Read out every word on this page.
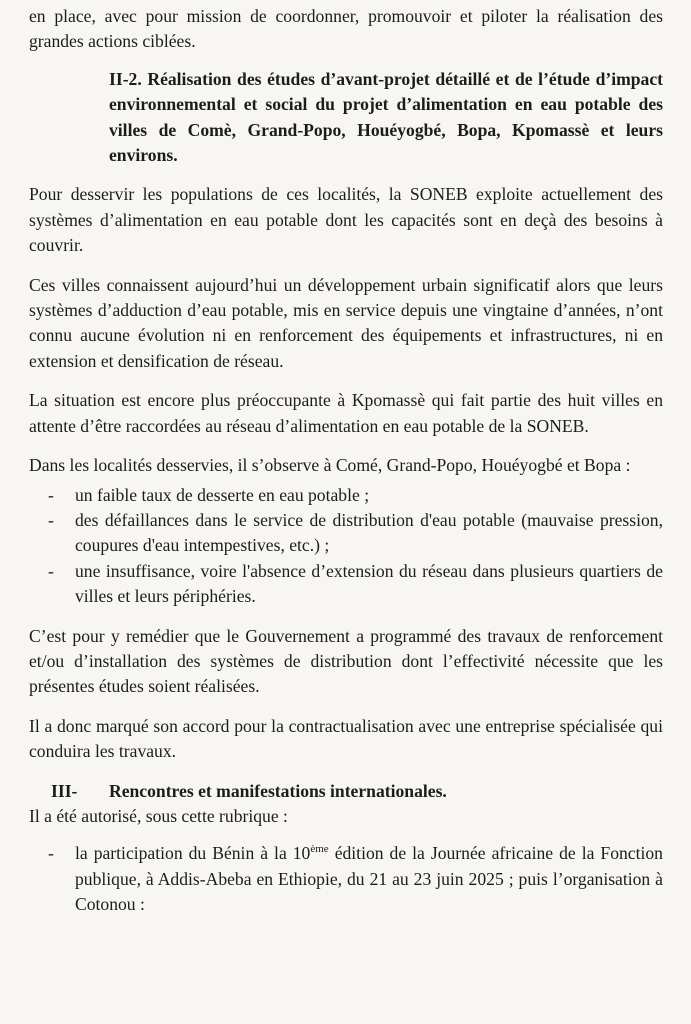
en place, avec pour mission de coordonner, promouvoir et piloter la réalisation des grandes actions ciblées.

II-2. Réalisation des études d’avant-projet détaillé et de l’étude d’impact environnemental et social du projet d’alimentation en eau potable des villes de Comè, Grand-Popo, Houéyogbé, Bopa, Kpomassè et leurs environs.

Pour desservir les populations de ces localités, la SONEB exploite actuellement des systèmes d’alimentation en eau potable dont les capacités sont en deçà des besoins à couvrir.

Ces villes connaissent aujourd’hui un développement urbain significatif alors que leurs systèmes d’adduction d’eau potable, mis en service depuis une vingtaine d’années, n’ont connu aucune évolution ni en renforcement des équipements et infrastructures, ni en extension et densification de réseau.

La situation est encore plus préoccupante à Kpomassè qui fait partie des huit villes en attente d’être raccordées au réseau d’alimentation en eau potable de la SONEB.

Dans les localités desservies, il s’observe à Comé, Grand-Popo, Houéyogbé et Bopa :

- un faible taux de desserte en eau potable ;
- des défaillances dans le service de distribution d'eau potable (mauvaise pression, coupures d'eau intempestives, etc.) ;
- une insuffisance, voire l'absence d’extension du réseau dans plusieurs quartiers de villes et leurs périphéries.

C’est pour y remédier que le Gouvernement a programmé des travaux de renforcement et/ou d’installation des systèmes de distribution dont l’effectivité nécessite que les présentes études soient réalisées.

Il a donc marqué son accord pour la contractualisation avec une entreprise spécialisée qui conduira les travaux.

III- Rencontres et manifestations internationales.

Il a été autorisé, sous cette rubrique :

- la participation du Bénin à la 10ème édition de la Journée africaine de la Fonction publique, à Addis-Abeba en Ethiopie, du 21 au 23 juin 2025 ; puis l’organisation à Cotonou :
